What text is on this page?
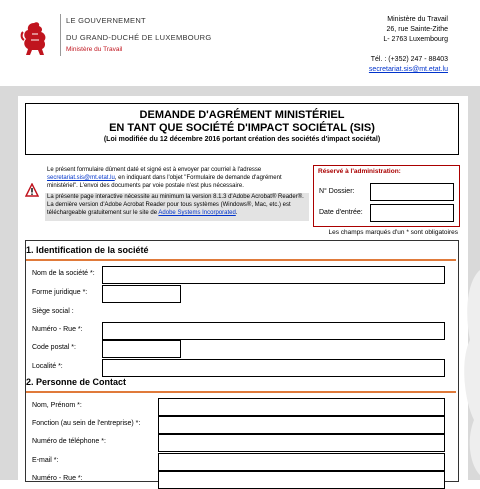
LE GOUVERNEMENT
DU GRAND-DUCHÉ DE LUXEMBOURG
Ministère du Travail
Ministère du Travail
26, rue Sainte-Zithe
L- 2763 Luxembourg
Tél. : (+352) 247 - 88403
secretariat.sis@mt.etat.lu
DEMANDE D'AGRÉMENT MINISTÉRIEL
EN TANT QUE SOCIÉTÉ D'IMPACT SOCIÉTAL (SIS)
(Loi modifiée du 12 décembre 2016 portant création des sociétés d'impact sociétal)
Le présent formulaire dûment daté et signé est à envoyer par courriel à l'adresse
secretariat.sis@mt.etat.lu, en indiquant dans l'objet "Formulaire de demande d'agrément ministériel". L'envoi des documents par voie postale n'est plus nécessaire.
La présente page interactive nécessite au minimum la version 8.1.3 d'Adobe Acrobat® Reader®. La dernière version d'Adobe Acrobat Reader pour tous systèmes (Windows®, Mac, etc.) est téléchargeable gratuitement sur le site de Adobe Systems Incorporated.
Réservé à l'administration:
N° Dossier:
Date d'entrée:
Les champs marqués d'un * sont obligatoires
1. Identification de la société
Nom de la société *:
Forme juridique *:
Siège social :
Numéro - Rue *:
Code postal *:
Localité *:
2. Personne de Contact
Nom, Prénom *:
Fonction (au sein de l'entreprise) *:
Numéro de téléphone *:
E-mail *:
Numéro - Rue *:
